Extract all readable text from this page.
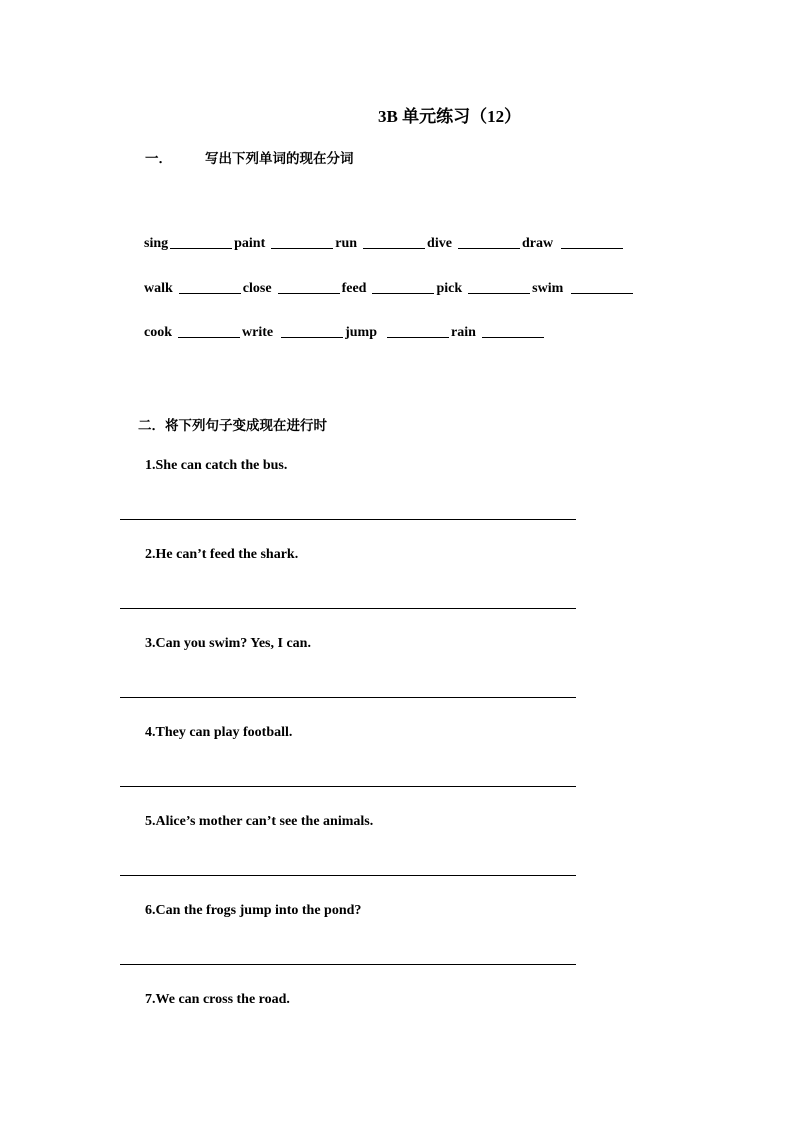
3B 单元练习（12）
一． 写出下列单词的现在分词
sing	paint	run	dive	draw
walk	close	feed	pick	swim
cook	write	jump	rain
二．将下列句子变成现在进行时
1.She can catch the bus.
2.He can’t feed the shark.
3.Can you swim? Yes, I can.
4.They can play football.
5.Alice’s mother can’t see the animals.
6.Can the frogs jump into the pond?
7.We can cross the road.
